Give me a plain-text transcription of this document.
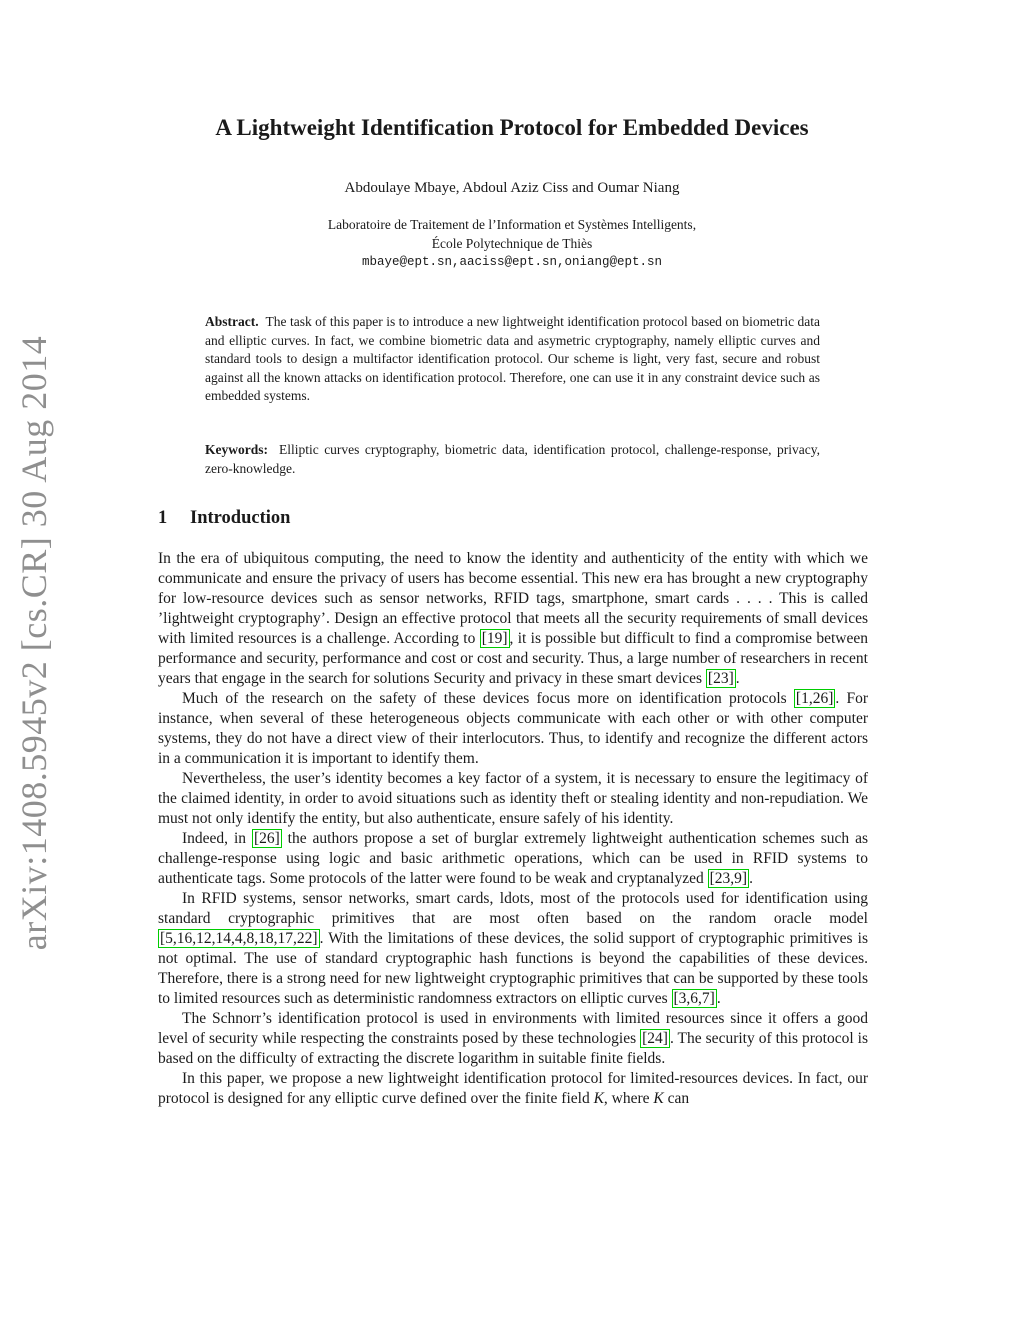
arXiv:1408.5945v2 [cs.CR] 30 Aug 2014
A Lightweight Identification Protocol for Embedded Devices
Abdoulaye Mbaye, Abdoul Aziz Ciss and Oumar Niang
Laboratoire de Traitement de l’Information et Systèmes Intelligents,
École Polytechnique de Thiès
mbaye@ept.sn,aaciss@ept.sn,oniang@ept.sn

Abstract. The task of this paper is to introduce a new lightweight identification protocol based on biometric data and elliptic curves. In fact, we combine biometric data and asymetric cryptography, namely elliptic curves and standard tools to design a multifactor identification protocol. Our scheme is light, very fast, secure and robust against all the known attacks on identification protocol. Therefore, one can use it in any constraint device such as embedded systems.

Keywords: Elliptic curves cryptography, biometric data, identification protocol, challenge-response, privacy, zero-knowledge.

1 Introduction

In the era of ubiquitous computing, the need to know the identity and authenticity of the entity with which we communicate and ensure the privacy of users has become essential. This new era has brought a new cryptography for low-resource devices such as sensor networks, RFID tags, smartphone, smart cards . . . . This is called ’lightweight cryptography’. Design an effective protocol that meets all the security requirements of small devices with limited resources is a challenge. According to [19] , it is possible but difficult to find a compromise between performance and security, performance and cost or cost and security. Thus, a large number of researchers in recent years that engage in the search for solutions Security and privacy in these smart devices [23] .

Much of the research on the safety of these devices focus more on identification protocols [1,26] . For instance, when several of these heterogeneous objects communicate with each other or with other computer systems, they do not have a direct view of their interlocutors. Thus, to identify and recognize the different actors in a communication it is important to identify them.

Nevertheless, the user’s identity becomes a key factor of a system, it is necessary to ensure the legitimacy of the claimed identity, in order to avoid situations such as identity theft or stealing identity and non-repudiation. We must not only identify the entity, but also authenticate, ensure safely of his identity.

Indeed, in [26] the authors propose a set of burglar extremely lightweight authentication schemes such as challenge-response using logic and basic arithmetic operations, which can be used in RFID systems to authenticate tags. Some protocols of the latter were found to be weak and cryptanalyzed [23,9] .

In RFID systems, sensor networks, smart cards, ldots, most of the protocols used for identification using standard cryptographic primitives that are most often based on the random oracle model [5,16,12,14,4,8,18,17,22] . With the limitations of these devices, the solid support of cryptographic primitives is not optimal. The use of standard cryptographic hash functions is beyond the capabilities of these devices. Therefore, there is a strong need for new lightweight cryptographic primitives that can be supported by these tools to limited resources such as deterministic randomness extractors on elliptic curves [3,6,7] .

The Schnorr’s identification protocol is used in environments with limited resources since it offers a good level of security while respecting the constraints posed by these technologies [24] . The security of this protocol is based on the difficulty of extracting the discrete logarithm in suitable finite fields.

In this paper, we propose a new lightweight identification protocol for limited-resources devices. In fact, our protocol is designed for any elliptic curve defined over the finite field K, where K can
